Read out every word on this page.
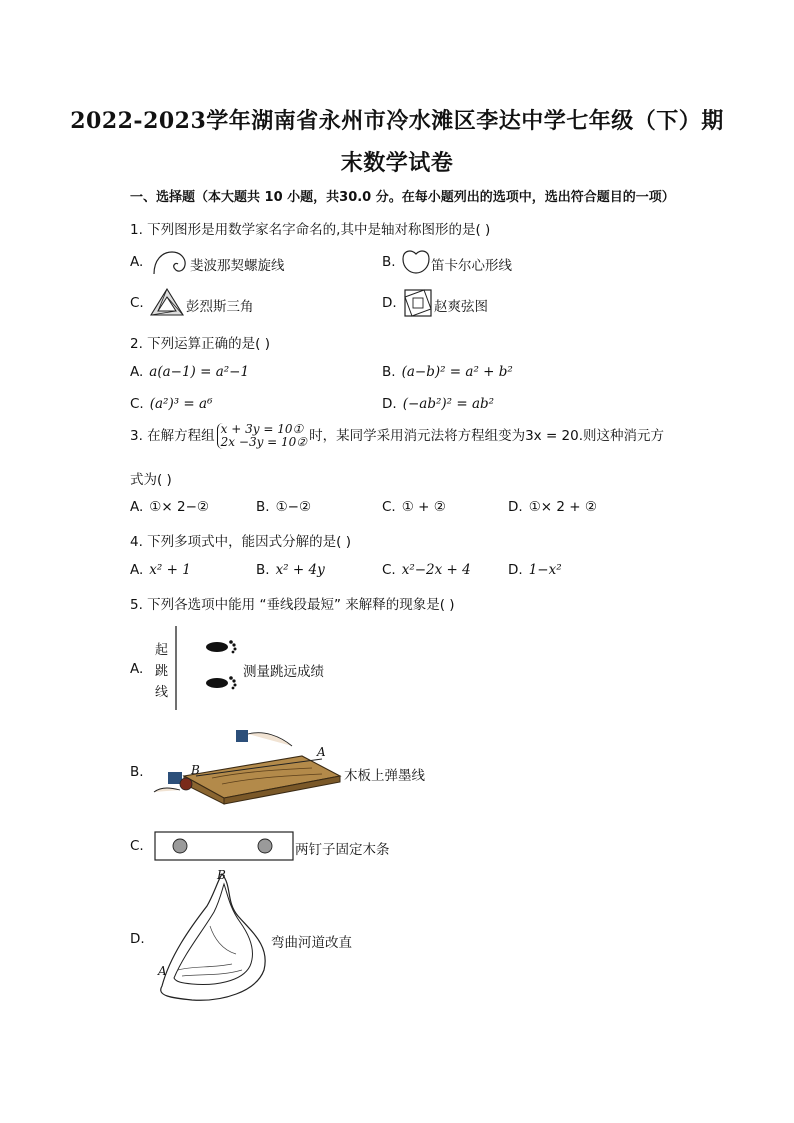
2022-2023学年湖南省永州市冷水滩区李达中学七年级（下）期
末数学试卷
一、选择题（本大题共 10 小题，共30.0 分。在每小题列出的选项中，选出符合题目的一项）
1. 下列图形是用数学家名字命名的,其中是轴对称图形的是( )
A.	斐波那契螺旋线	B.	笛卡尔心形线
C.	彭烈斯三角	D.	赵爽弦图
2. 下列运算正确的是( )
A. a(a−1) = a²−1	B. (a−b)² = a² + b²
C. (a²)³ = a⁶	D. (−ab²)² = ab²
3. 在解方程组 x + 3y = 10①
2x −3y = 10② 时，某同学采用消元法将方程组变为3x = 20.则这种消元方
式为( )
A. ①× 2−②	B. ①−②	C. ① + ②	D. ①× 2 + ②
4. 下列多项式中，能因式分解的是( )
A. x² + 1	B. x² + 4y	C. x²−2x + 4	D. 1−x²
5. 下列各选项中能用 “垂线段最短” 来解释的现象是( )
A.
起
跳
线
测量跳远成绩
B.	B
A
木板上弹墨线
C.	两钉子固定木条
D.
B
A
弯曲河道改直
